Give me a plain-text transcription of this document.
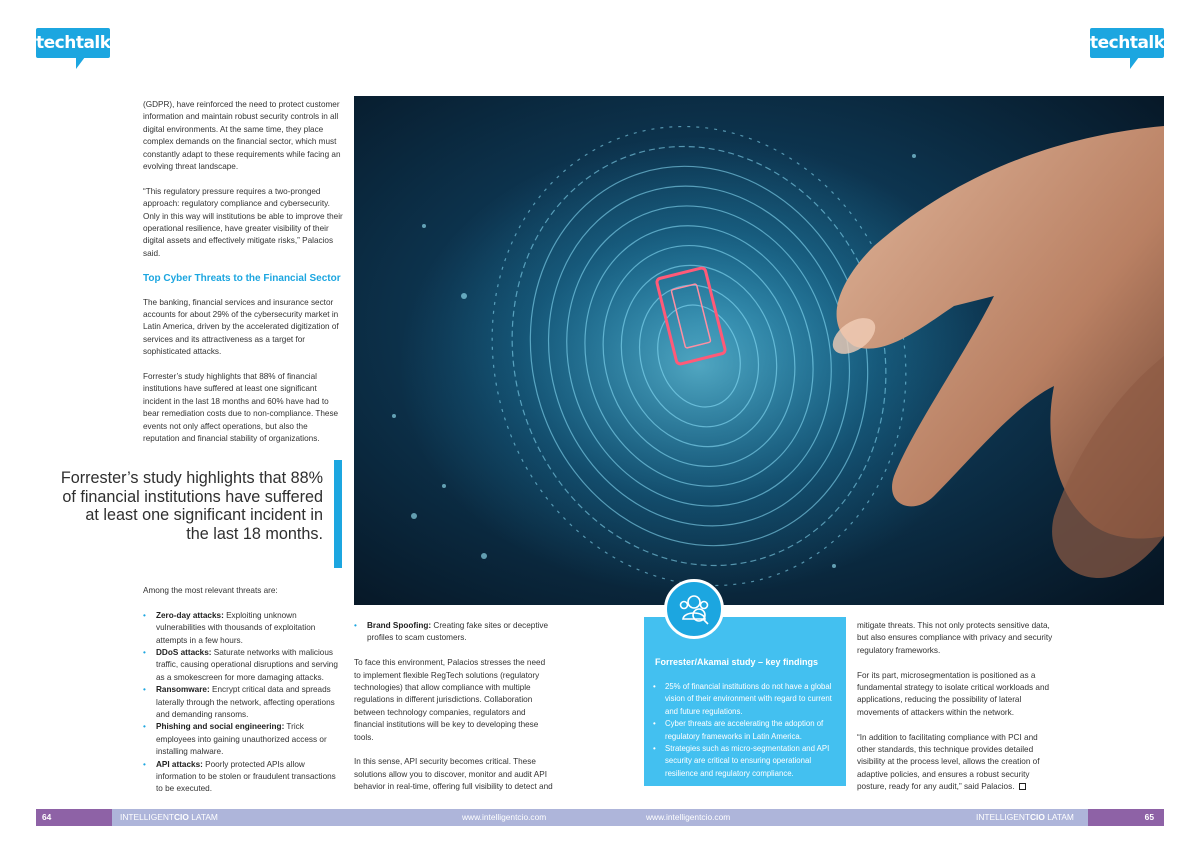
techtalk	techtalk

(GDPR), have reinforced the need to protect customer information and maintain robust security controls in all digital environments. At the same time, they place complex demands on the financial sector, which must constantly adapt to these requirements while facing an evolving threat landscape.

“This regulatory pressure requires a two-pronged approach: regulatory compliance and cybersecurity. Only in this way will institutions be able to improve their operational resilience, have greater visibility of their digital assets and effectively mitigate risks,” Palacios said.

Top Cyber Threats to the Financial Sector

The banking, financial services and insurance sector accounts for about 29% of the cybersecurity market in Latin America, driven by the accelerated digitization of services and its attractiveness as a target for sophisticated attacks.

Forrester’s study highlights that 88% of financial institutions have suffered at least one significant incident in the last 18 months and 60% have had to bear remediation costs due to non-compliance. These events not only affect operations, but also the reputation and financial stability of organizations.

Forrester’s study highlights that 88% of financial institutions have suffered at least one significant incident in the last 18 months.

Among the most relevant threats are:

• Zero-day attacks: Exploiting unknown vulnerabilities with thousands of exploitation attempts in a few hours.
• DDoS attacks: Saturate networks with malicious traffic, causing operational disruptions and serving as a smokescreen for more damaging attacks.
• Ransomware: Encrypt critical data and spreads laterally through the network, affecting operations and demanding ransoms.
• Phishing and social engineering: Trick employees into gaining unauthorized access or installing malware.
• API attacks: Poorly protected APIs allow information to be stolen or fraudulent transactions to be executed.
• Brand Spoofing: Creating fake sites or deceptive profiles to scam customers.

To face this environment, Palacios stresses the need to implement flexible RegTech solutions (regulatory technologies) that allow compliance with multiple regulations in different jurisdictions. Collaboration between technology companies, regulators and financial institutions will be key to developing these tools.

In this sense, API security becomes critical. These solutions allow you to discover, monitor and audit API behavior in real-time, offering full visibility to detect and

Forrester/Akamai study – key findings
• 25% of financial institutions do not have a global vision of their environment with regard to current and future regulations.
• Cyber threats are accelerating the adoption of regulatory frameworks in Latin America.
• Strategies such as micro-segmentation and API security are critical to ensuring operational resilience and regulatory compliance.

mitigate threats. This not only protects sensitive data, but also ensures compliance with privacy and security regulatory frameworks.

For its part, microsegmentation is positioned as a fundamental strategy to isolate critical workloads and applications, reducing the possibility of lateral movements of attackers within the network.

“In addition to facilitating compliance with PCI and other standards, this technique provides detailed visibility at the process level, allows the creation of adaptive policies, and ensures a robust security posture, ready for any audit,” said Palacios.

64	INTELLIGENTCIO LATAM	www.intelligentcio.com	www.intelligentcio.com	INTELLIGENTCIO LATAM	65
